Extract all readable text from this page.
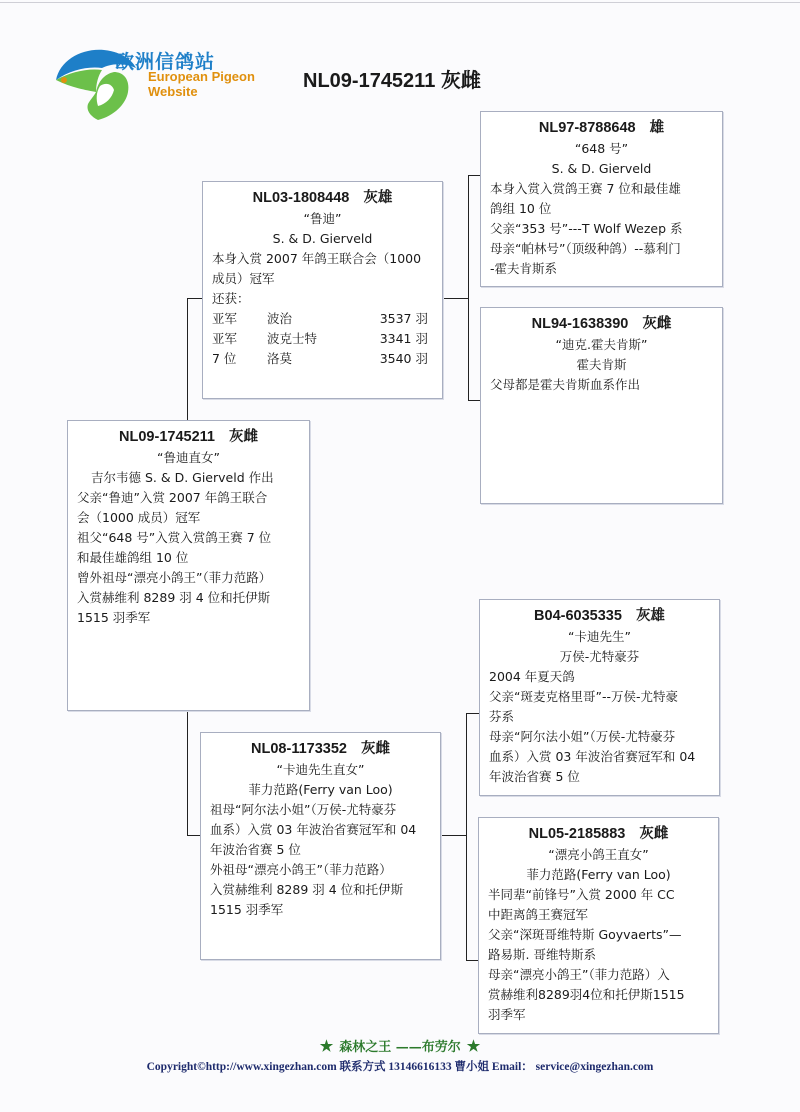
欧洲信鸽站
European Pigeon
Website	NL09-1745211 灰雌
NL09-1745211 灰雌
“鲁迪直女”
吉尔韦德 S. & D. Gierveld 作出
父亲“鲁迪”入赏 2007 年鸽王联合
会（1000 成员）冠军
祖父“648 号”入赏入赏鸽王赛 7 位
和最佳雄鸽组 10 位
曾外祖母“漂亮小鸽王”（菲力范路）
入赏赫维利 8289 羽 4 位和托伊斯
1515 羽季军
NL03-1808448 灰雄
“鲁迪”
S. & D. Gierveld
本身入赏 2007 年鸽王联合会（1000
成员）冠军
还获：
亚军	波治	3537 羽
亚军	波克士特	3341 羽
7 位	洛莫	3540 羽
NL08-1173352 灰雌
“卡迪先生直女”
菲力范路(Ferry van Loo)
祖母“阿尔法小姐”（万侯-尤特豪芬
血系）入赏 03 年波治省赛冠军和 04
年波治省赛 5 位
外祖母“漂亮小鸽王”（菲力范路）
入赏赫维利 8289 羽 4 位和托伊斯
1515 羽季军
NL97-8788648 雄
“648 号”
S. & D. Gierveld
本身入赏入赏鸽王赛 7 位和最佳雄
鸽组 10 位
父亲“353 号”---T Wolf Wezep 系
母亲“帕林号”（顶级种鸽）--慕利门
-霍夫肯斯系
NL94-1638390 灰雌
“迪克.霍夫肯斯”
霍夫肯斯
父母都是霍夫肯斯血系作出
B04-6035335 灰雄
“卡迪先生”
万侯-尤特豪芬
2004 年夏天鸽
父亲“斑麦克格里哥”--万侯-尤特豪
芬系
母亲“阿尔法小姐”（万侯-尤特豪芬
血系）入赏 03 年波治省赛冠军和 04
年波治省赛 5 位
NL05-2185883 灰雌
“漂亮小鸽王直女”
菲力范路(Ferry van Loo)
半同辈“前锋号”入赏 2000 年 CC
中距离鸽王赛冠军
父亲“深斑哥维特斯 Goyvaerts”—
路易斯. 哥维特斯系
母亲“漂亮小鸽王”（菲力范路）入
赏赫维利8289羽4位和托伊斯1515
羽季军
★ 森林之王 ——布劳尔 ★
Copyright©http://www.xingezhan.com 联系方式 13146616133 曹小姐 Email： service@xingezhan.com
